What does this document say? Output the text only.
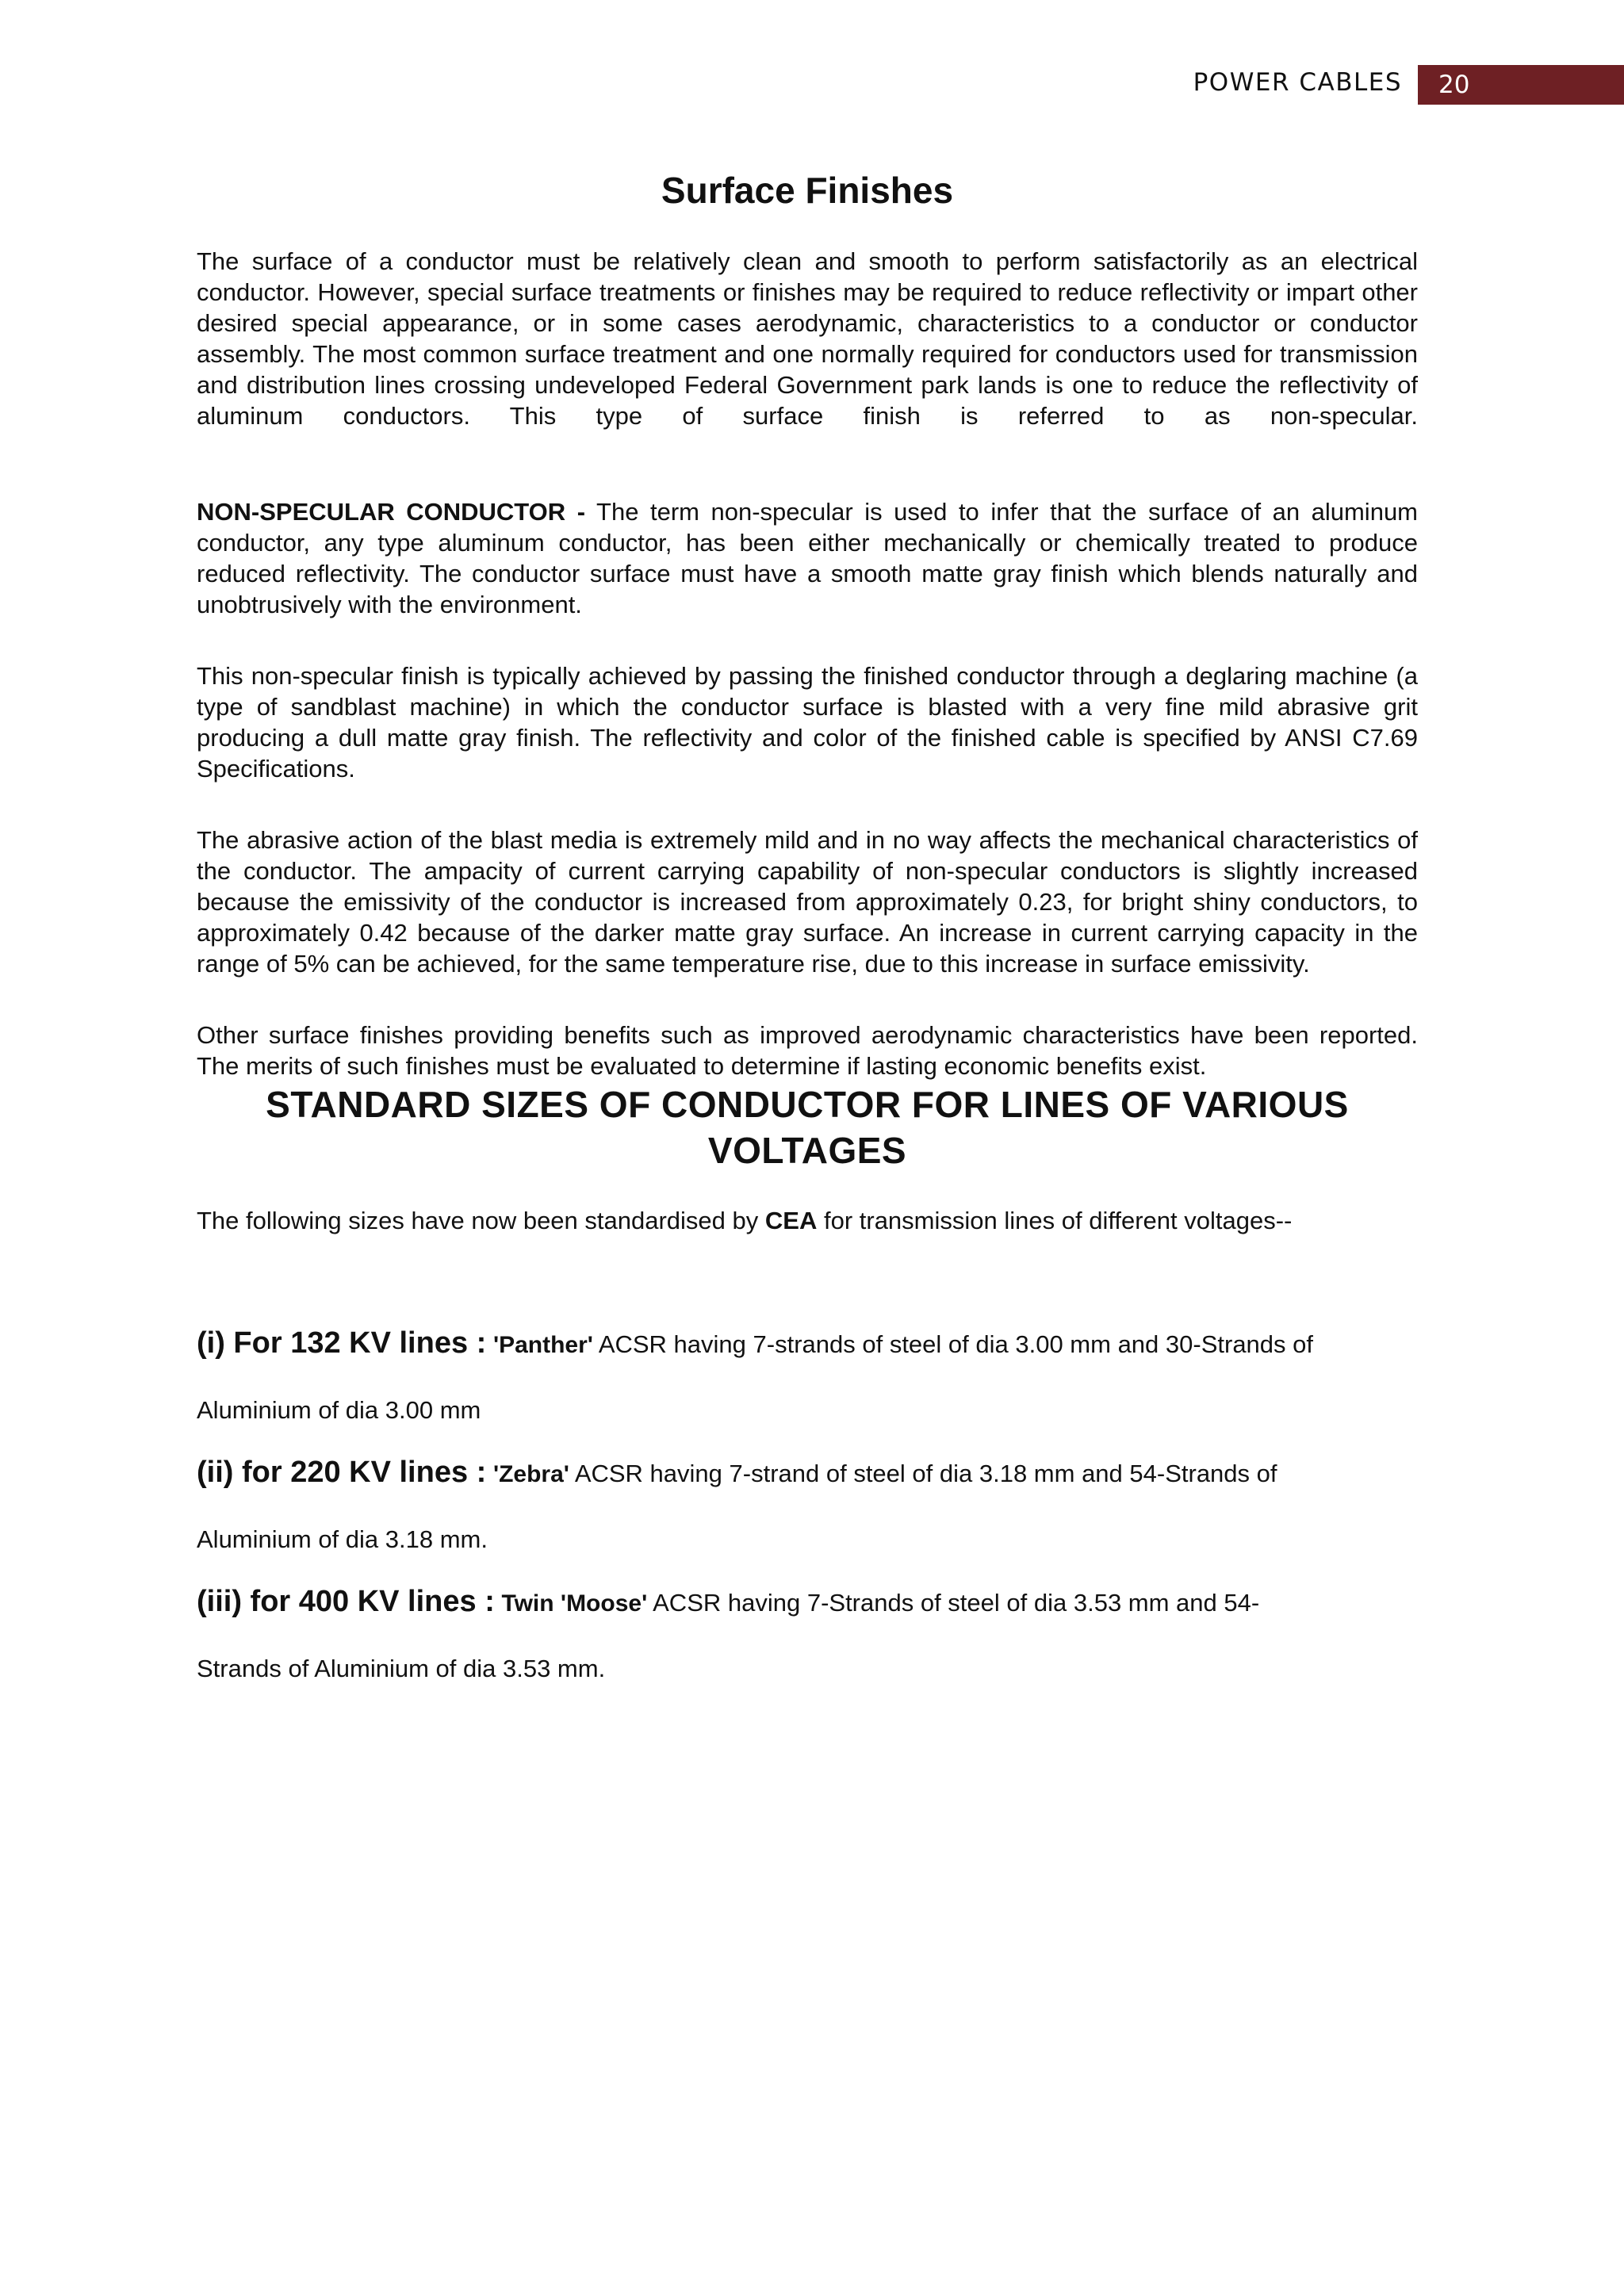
POWER CABLES	20
Surface Finishes

The surface of a conductor must be relatively clean and smooth to perform satisfactorily as an electrical conductor. However, special surface treatments or finishes may be required to reduce reflectivity or impart other desired special appearance, or in some cases aerodynamic, characteristics to a conductor or conductor assembly. The most common surface treatment and one normally required for conductors used for transmission and distribution lines crossing undeveloped Federal Government park lands is one to reduce the reflectivity of aluminum conductors. This type of surface finish is referred to as non-specular.

NON-SPECULAR CONDUCTOR - The term non-specular is used to infer that the surface of an aluminum conductor, any type aluminum conductor, has been either mechanically or chemically treated to produce reduced reflectivity. The conductor surface must have a smooth matte gray finish which blends naturally and unobtrusively with the environment.

This non-specular finish is typically achieved by passing the finished conductor through a deglaring machine (a type of sandblast machine) in which the conductor surface is blasted with a very fine mild abrasive grit producing a dull matte gray finish. The reflectivity and color of the finished cable is specified by ANSI C7.69 Specifications.

The abrasive action of the blast media is extremely mild and in no way affects the mechanical characteristics of the conductor. The ampacity of current carrying capability of non-specular conductors is slightly increased because the emissivity of the conductor is increased from approximately 0.23, for bright shiny conductors, to approximately 0.42 because of the darker matte gray surface. An increase in current carrying capacity in the range of 5% can be achieved, for the same temperature rise, due to this increase in surface emissivity.

Other surface finishes providing benefits such as improved aerodynamic characteristics have been reported. The merits of such finishes must be evaluated to determine if lasting economic benefits exist.

STANDARD SIZES OF CONDUCTOR FOR LINES OF VARIOUS
VOLTAGES

The following sizes have now been standardised by CEA for transmission lines of different voltages--

(i) For 132 KV lines : 'Panther' ACSR having 7-strands of steel of dia 3.00 mm and 30-Strands of

Aluminium of dia 3.00 mm

(ii) for 220 KV lines : 'Zebra' ACSR having 7-strand of steel of dia 3.18 mm and 54-Strands of

Aluminium of dia 3.18 mm.

(iii) for 400 KV lines : Twin 'Moose' ACSR having 7-Strands of steel of dia 3.53 mm and 54-

Strands of Aluminium of dia 3.53 mm.
